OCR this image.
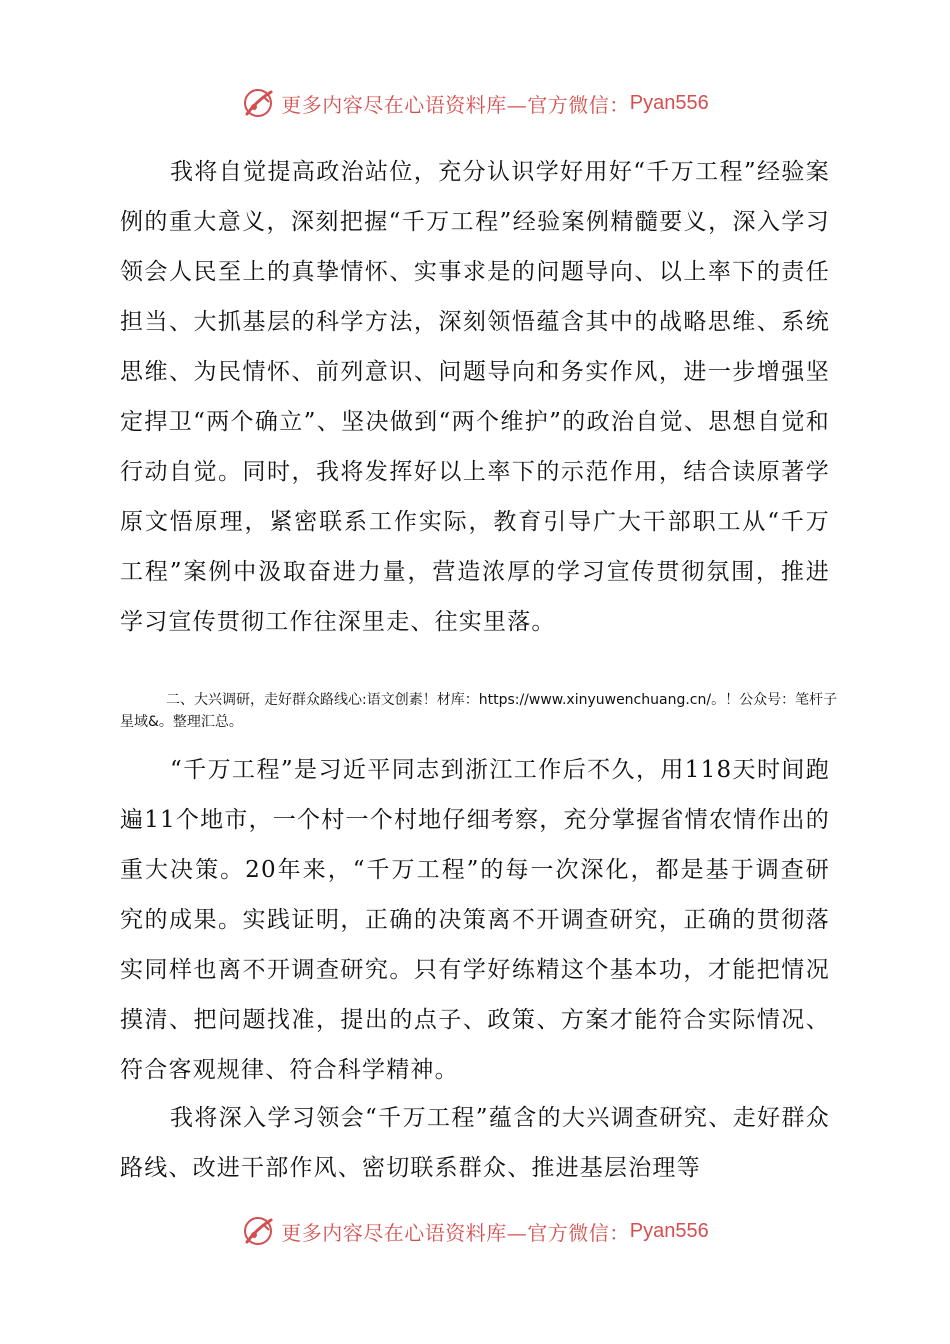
更多内容尽在心语资料库—官方微信： Pyan556

我将自觉提高政治站位，充分认识学好用好“千万工程”经验案例的重大意义，深刻把握“千万工程”经验案例精髓要义，深入学习领会人民至上的真挚情怀、实事求是的问题导向、以上率下的责任担当、大抓基层的科学方法，深刻领悟蕴含其中的战略思维、系统思维、为民情怀、前列意识、问题导向和务实作风，进一步增强坚定捍卫“两个确立”、坚决做到“两个维护”的政治自觉、思想自觉和行动自觉。同时，我将发挥好以上率下的示范作用，结合读原著学原文悟原理，紧密联系工作实际，教育引导广大干部职工从“千万工程”案例中汲取奋进力量，营造浓厚的学习宣传贯彻氛围，推进学习宣传贯彻工作往深里走、往实里落。

二、大兴调研，走好群众路线心:语文创素！材库：https://www.xinyuwenchuang.cn/。！公众号：笔杆子星域&。整理汇总。

“千万工程”是习近平同志到浙江工作后不久，用118天时间跑遍11个地市，一个村一个村地仔细考察，充分掌握省情农情作出的重大决策。20年来，“千万工程”的每一次深化，都是基于调查研究的成果。实践证明，正确的决策离不开调查研究，正确的贯彻落实同样也离不开调查研究。只有学好练精这个基本功，才能把情况摸清、把问题找准，提出的点子、政策、方案才能符合实际情况、符合客观规律、符合科学精神。

我将深入学习领会“千万工程”蕴含的大兴调查研究、走好群众路线、改进干部作风、密切联系群众、推进基层治理等

更多内容尽在心语资料库—官方微信： Pyan556
